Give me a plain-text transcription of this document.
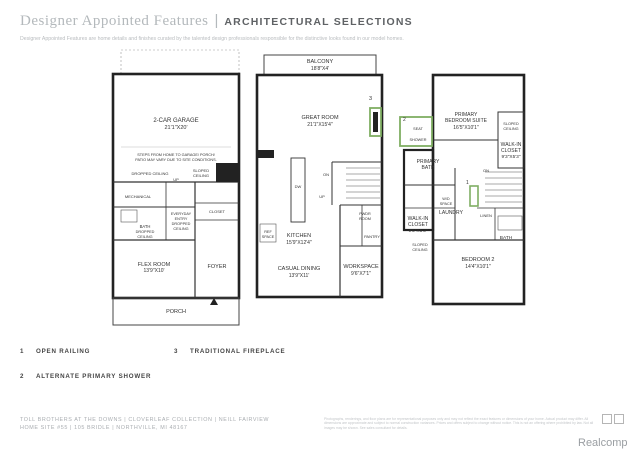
Designer Appointed Features | ARCHITECTURAL SELECTIONS
Designer Appointed Features are home details and finishes curated by the talented design professionals responsible for the distinctive looks found in our model homes.
2-CAR GARAGE
21'1"X20'
STEPS FROM HOME TO GARAGE/ PORCH/
PATIO MAY VARY DUE TO SITE CONDITIONS.
DROPPED CEILING
UP
SLOPED
CEILING
MECHANICAL
CLOSET
EVERYDAY
ENTRY
DROPPED
CEILING
BATH
DROPPED
CEILING
FLEX ROOM
13'9"X10'
FOYER
PORCH
BALCONY
18'8"X4'
GREAT ROOM
21'1"X15'4"
3
DW
ON
UP
PWDR
ROOM
PANTRY
REF
SPACE KITCHEN
15'9"X12'4"
CASUAL DINING
13'9"X11'
WORKSPACE
9'6"X7'1"
PRIMARY
BEDROOM SUITE
16'5"X10'1"
SLOPED
CEILING
WALK-IN
CLOSET
9'3"X5'3"
2
SEAT
SHOWER
PRIMARY
BATH	ON
1
W/D
SPACE
LAUNDRY	LINEN
WALK-IN
CLOSET
9'5"X5'3"
SLOPED
CEILING
BATH
BEDROOM 2
14'4"X10'1"
1 OPEN RAILING	3 TRADITIONAL FIREPLACE
2 ALTERNATE PRIMARY SHOWER
TOLL BROTHERS AT THE DOWNS | CLOVERLEAF COLLECTION | NEILL FAIRVIEW
HOME SITE #55 | 105 BRIDLE | NORTHVILLE, MI 48167
Photographs, renderings, and floor plans are for representational purposes only and may not reflect the exact features or dimensions of your home. Actual product may differ. All dimensions are approximate and subject to normal construction variances. Prices and offers subject to change without notice. This is not an offering where prohibited by law. Not all images may be shown. See sales consultant for details.
Realcomp
